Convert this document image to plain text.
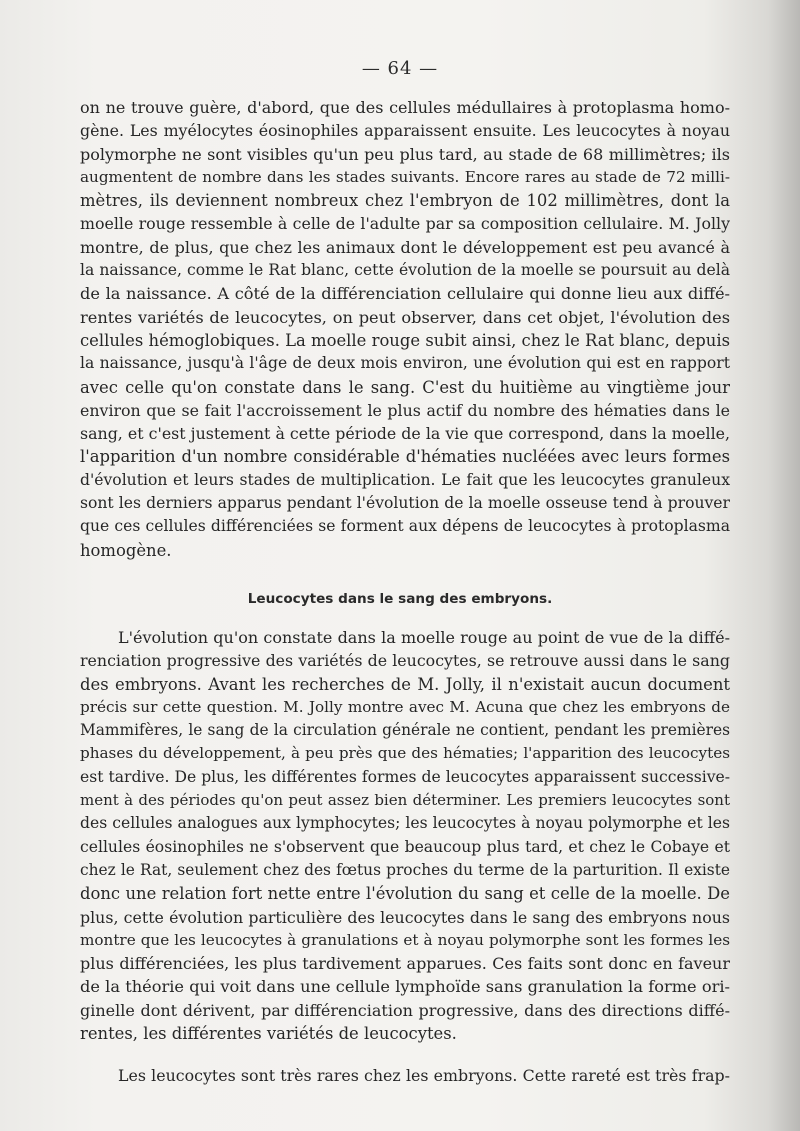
— 64 —
on ne trouve guère, d'abord, que des cellules médullaires à protoplasma homo-
gène. Les myélocytes éosinophiles apparaissent ensuite. Les leucocytes à noyau
polymorphe ne sont visibles qu'un peu plus tard, au stade de 68 millimètres; ils
augmentent de nombre dans les stades suivants. Encore rares au stade de 72 milli-
mètres, ils deviennent nombreux chez l'embryon de 102 millimètres, dont la
moelle rouge ressemble à celle de l'adulte par sa composition cellulaire. M. Jolly
montre, de plus, que chez les animaux dont le développement est peu avancé à
la naissance, comme le Rat blanc, cette évolution de la moelle se poursuit au delà
de la naissance. A côté de la différenciation cellulaire qui donne lieu aux diffé-
rentes variétés de leucocytes, on peut observer, dans cet objet, l'évolution des
cellules hémoglobiques. La moelle rouge subit ainsi, chez le Rat blanc, depuis
la naissance, jusqu'à l'âge de deux mois environ, une évolution qui est en rapport
avec celle qu'on constate dans le sang. C'est du huitième au vingtième jour
environ que se fait l'accroissement le plus actif du nombre des hématies dans le
sang, et c'est justement à cette période de la vie que correspond, dans la moelle,
l'apparition d'un nombre considérable d'hématies nucléées avec leurs formes
d'évolution et leurs stades de multiplication. Le fait que les leucocytes granuleux
sont les derniers apparus pendant l'évolution de la moelle osseuse tend à prouver
que ces cellules différenciées se forment aux dépens de leucocytes à protoplasma
homogène.
Leucocytes dans le sang des embryons.
L'évolution qu'on constate dans la moelle rouge au point de vue de la diffé-
renciation progressive des variétés de leucocytes, se retrouve aussi dans le sang
des embryons. Avant les recherches de M. Jolly, il n'existait aucun document
précis sur cette question. M. Jolly montre avec M. Acuna que chez les embryons de
Mammifères, le sang de la circulation générale ne contient, pendant les premières
phases du développement, à peu près que des hématies; l'apparition des leucocytes
est tardive. De plus, les différentes formes de leucocytes apparaissent successive-
ment à des périodes qu'on peut assez bien déterminer. Les premiers leucocytes sont
des cellules analogues aux lymphocytes; les leucocytes à noyau polymorphe et les
cellules éosinophiles ne s'observent que beaucoup plus tard, et chez le Cobaye et
chez le Rat, seulement chez des fœtus proches du terme de la parturition. Il existe
donc une relation fort nette entre l'évolution du sang et celle de la moelle. De
plus, cette évolution particulière des leucocytes dans le sang des embryons nous
montre que les leucocytes à granulations et à noyau polymorphe sont les formes les
plus différenciées, les plus tardivement apparues. Ces faits sont donc en faveur
de la théorie qui voit dans une cellule lymphoïde sans granulation la forme ori-
ginelle dont dérivent, par différenciation progressive, dans des directions diffé-
rentes, les différentes variétés de leucocytes.
Les leucocytes sont très rares chez les embryons. Cette rareté est très frap-
